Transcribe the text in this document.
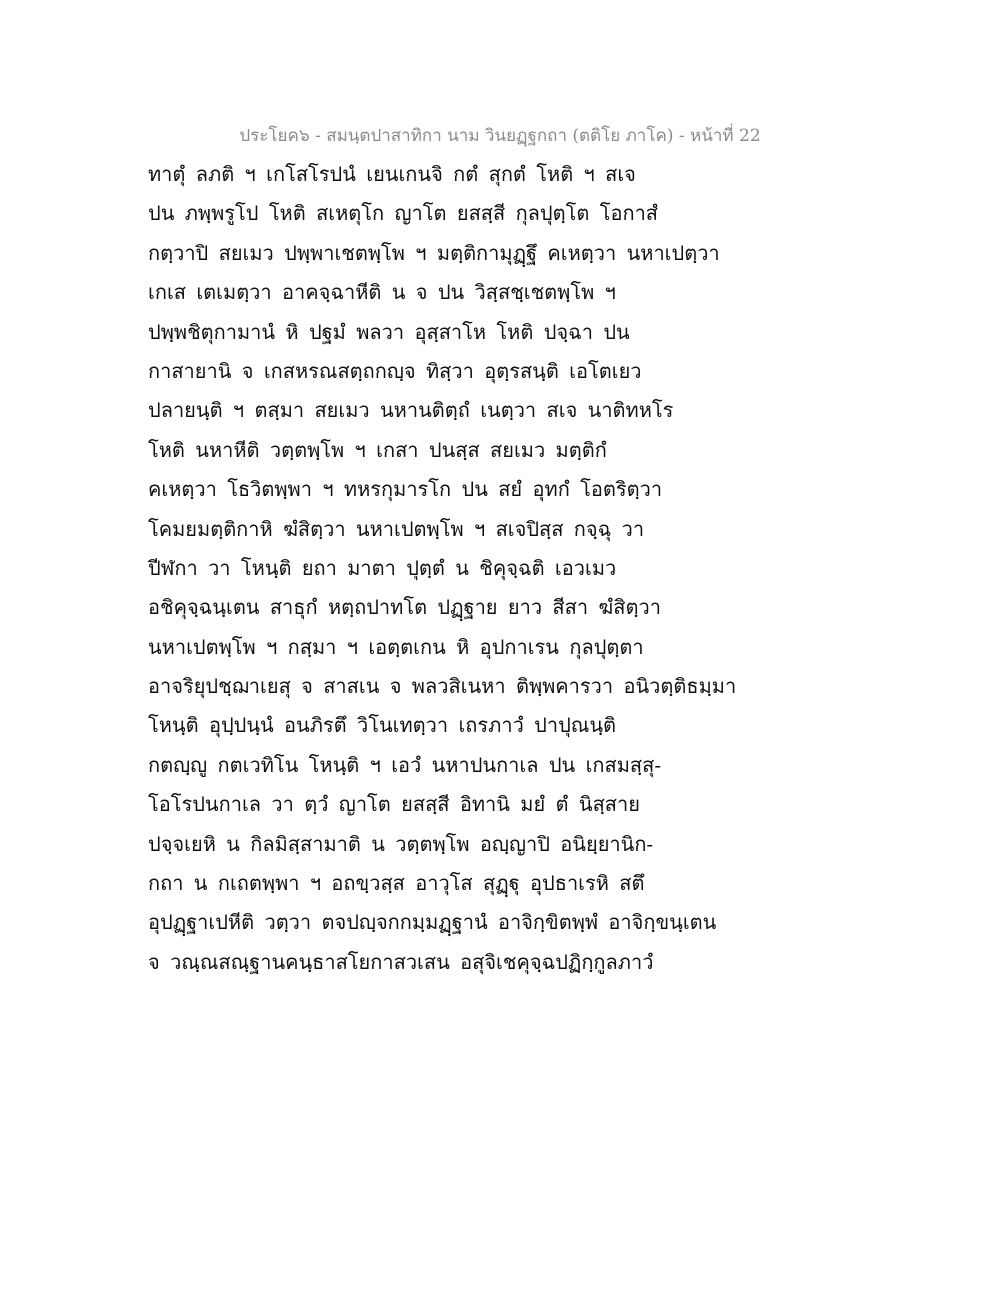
ประโยค๖ - สมนฺตปาสาทิกา นาม วินยฏฺฐกถา (ตติโย ภาโค) - หน้าที่ 22
ทาตุํ ลภติ ฯ เกโสโรปนํ เยนเกนจิ กตํ สุกตํ โหติ ฯ สเจ
ปน ภพฺพรูโป โหติ สเหตุโก ญาโต ยสสฺสี กุลปุตฺโต โอกาสํ
กตฺวาปิ สยเมว ปพฺพาเชตพฺโพ ฯ มตฺติกามุฏฺฐึ คเหตฺวา นหาเปตฺวา
เกเส เตเมตฺวา อาคจฺฉาหีติ น จ ปน วิสฺสชฺเชตพฺโพ ฯ
ปพฺพชิตุกามานํ หิ ปฐมํ พลวา อุสฺสาโห โหติ ปจฺฉา ปน
กาสายานิ จ เกสหรณสตฺถกญฺจ ทิสฺวา อุตฺรสนฺติ เอโตเยว
ปลายนฺติ ฯ ตสฺมา สยเมว นหานติตฺถํ เนตฺวา สเจ นาติทหโร
โหติ นหาหีติ วตฺตพฺโพ ฯ เกสา ปนสฺส สยเมว มตฺติกํ
คเหตฺวา โธวิตพฺพา ฯ ทหรกุมารโก ปน สยํ อุทกํ โอตริตฺวา
โคมยมตฺติกาหิ ฆํสิตฺวา นหาเปตพฺโพ ฯ สเจปิสฺส กจฺฉุ วา
ปีฬกา วา โหนฺติ ยถา มาตา ปุตฺตํ น ชิคุจฺฉติ เอวเมว
อชิคุจฺฉนฺเตน สาธุกํ หตฺถปาทโต ปฏฺฐาย ยาว สีสา ฆํสิตฺวา
นหาเปตพฺโพ ฯ กสฺมา ฯ เอตฺตเกน หิ อุปกาเรน กุลปุตฺตา
อาจริยุปชฺฌาเยสุ จ สาสเน จ พลวสิเนหา ติพฺพคารวา อนิวตฺติธมฺมา
โหนฺติ อุปฺปนฺนํ อนภิรตึ วิโนเทตฺวา เถรภาวํ ปาปุณนฺติ
กตญฺญู กตเวทิโน โหนฺติ ฯ เอวํ นหาปนกาเล ปน เกสมสฺสุ-
โอโรปนกาเล วา ตฺวํ ญาโต ยสสฺสี อิทานิ มยํ ตํ นิสฺสาย
ปจฺจเยหิ น กิลมิสฺสามาติ น วตฺตพฺโพ อญฺญาปิ อนิยฺยานิก-
กถา น กเถตพฺพา ฯ อถขฺวสฺส อาวุโส สุฏฺฐุ อุปธาเรหิ สตึ
อุปฏฺฐาเปหีติ วตฺวา ตจปญฺจกกมฺมฏฺฐานํ อาจิกฺขิตพฺพํ อาจิกฺขนฺเตน
จ วณฺณสณฺฐานคนฺธาสโยกาสวเสน อสุจิเชคุจฺฉปฏิกฺกูลภาวํ
